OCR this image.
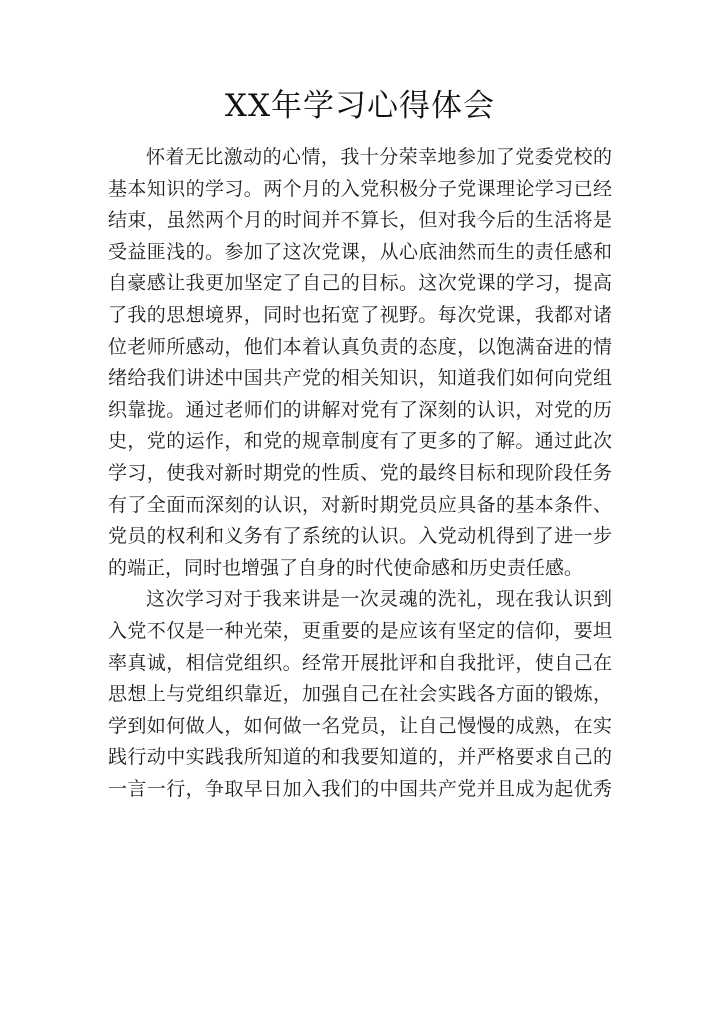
XX年学习心得体会
怀着无比激动的心情，我十分荣幸地参加了党委党校的
基本知识的学习。两个月的入党积极分子党课理论学习已经
结束，虽然两个月的时间并不算长，但对我今后的生活将是
受益匪浅的。参加了这次党课，从心底油然而生的责任感和
自豪感让我更加坚定了自己的目标。这次党课的学习，提高
了我的思想境界，同时也拓宽了视野。每次党课，我都对诸
位老师所感动，他们本着认真负责的态度，以饱满奋进的情
绪给我们讲述中国共产党的相关知识，知道我们如何向党组
织靠拢。通过老师们的讲解对党有了深刻的认识，对党的历
史，党的运作，和党的规章制度有了更多的了解。通过此次
学习，使我对新时期党的性质、党的最终目标和现阶段任务
有了全面而深刻的认识，对新时期党员应具备的基本条件、
党员的权利和义务有了系统的认识。入党动机得到了进一步
的端正，同时也增强了自身的时代使命感和历史责任感。
这次学习对于我来讲是一次灵魂的洗礼，现在我认识到
入党不仅是一种光荣，更重要的是应该有坚定的信仰，要坦
率真诚，相信党组织。经常开展批评和自我批评，使自己在
思想上与党组织靠近，加强自己在社会实践各方面的锻炼，
学到如何做人，如何做一名党员，让自己慢慢的成熟，在实
践行动中实践我所知道的和我要知道的，并严格要求自己的
一言一行，争取早日加入我们的中国共产党并且成为起优秀
